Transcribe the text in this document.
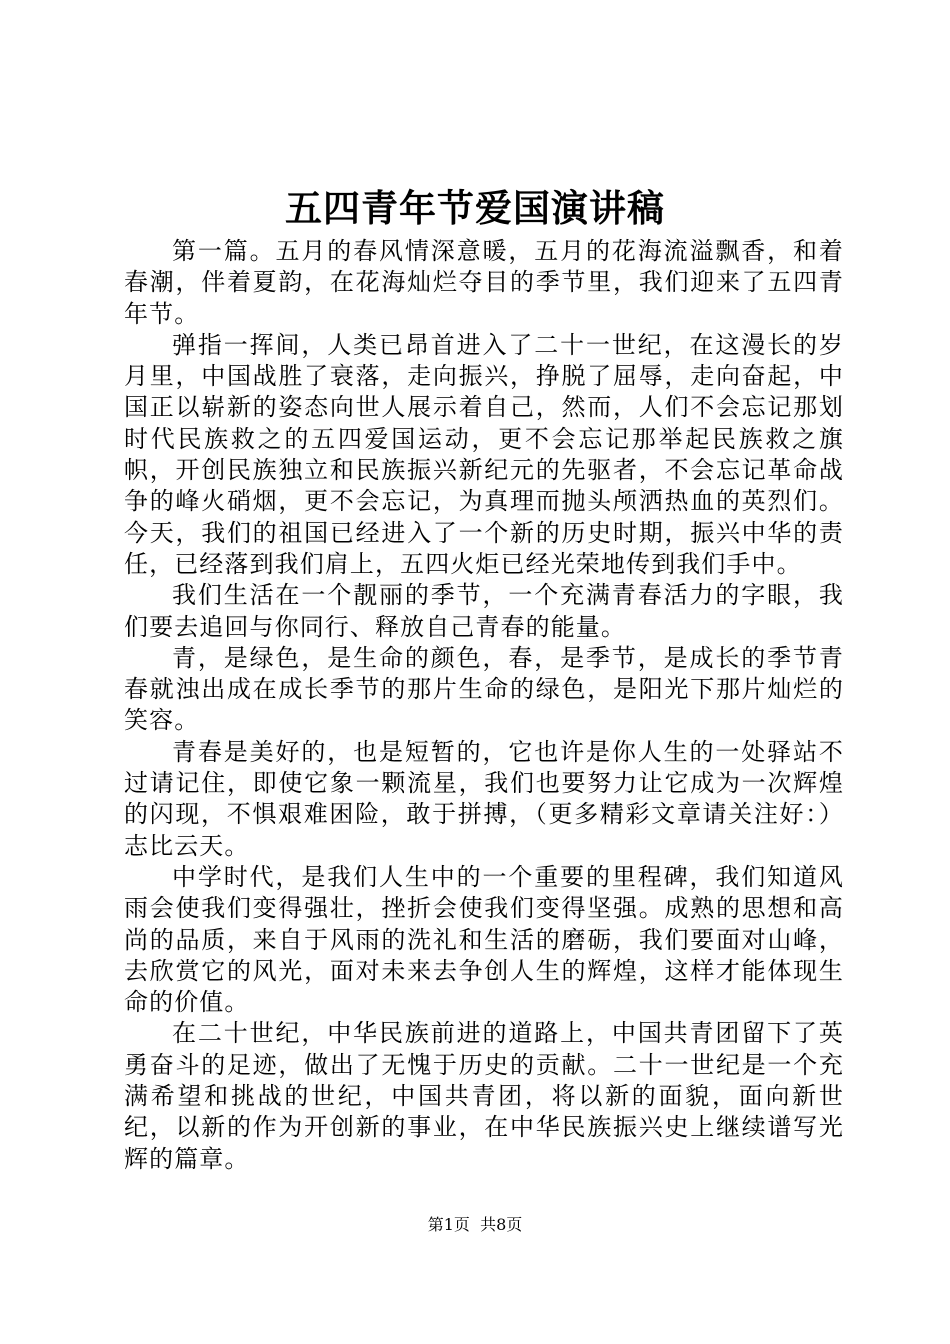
五四青年节爱国演讲稿

第一篇。五月的春风情深意暖，五月的花海流溢飘香，和着春潮，伴着夏韵，在花海灿烂夺目的季节里，我们迎来了五四青年节。

弹指一挥间，人类已昂首进入了二十一世纪，在这漫长的岁月里，中国战胜了衰落，走向振兴，挣脱了屈辱，走向奋起，中国正以崭新的姿态向世人展示着自己，然而，人们不会忘记那划时代民族救之的五四爱国运动，更不会忘记那举起民族救之旗帜，开创民族独立和民族振兴新纪元的先驱者，不会忘记革命战争的峰火硝烟，更不会忘记，为真理而抛头颅洒热血的英烈们。今天，我们的祖国已经进入了一个新的历史时期，振兴中华的责任，已经落到我们肩上，五四火炬已经光荣地传到我们手中。

我们生活在一个靓丽的季节，一个充满青春活力的字眼，我们要去追回与你同行、释放自己青春的能量。

青，是绿色，是生命的颜色，春，是季节，是成长的季节青春就浊出成在成长季节的那片生命的绿色，是阳光下那片灿烂的笑容。

青春是美好的，也是短暂的，它也许是你人生的一处驿站不过请记住，即使它象一颗流星，我们也要努力让它成为一次辉煌的闪现，不惧艰难困险，敢于拼搏，（更多精彩文章请关注好：）志比云天。

中学时代，是我们人生中的一个重要的里程碑，我们知道风雨会使我们变得强壮，挫折会使我们变得坚强。成熟的思想和高尚的品质，来自于风雨的洗礼和生活的磨砺，我们要面对山峰，去欣赏它的风光，面对未来去争创人生的辉煌，这样才能体现生命的价值。

在二十世纪，中华民族前进的道路上，中国共青团留下了英勇奋斗的足迹，做出了无愧于历史的贡献。二十一世纪是一个充满希望和挑战的世纪，中国共青团，将以新的面貌，面向新世纪，以新的作为开创新的事业，在中华民族振兴史上继续谱写光辉的篇章。

第1页 共8页
